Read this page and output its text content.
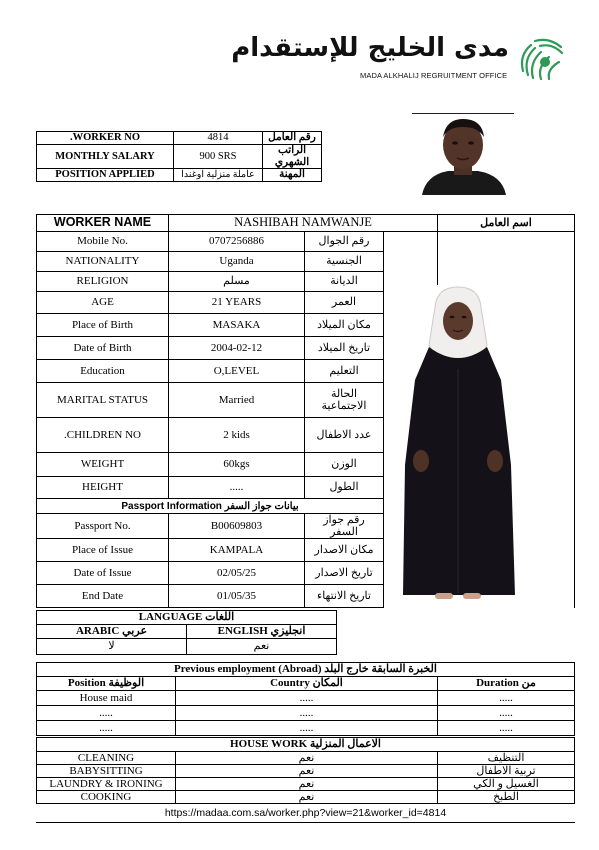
مدى الخليج للإستقدام
MADA ALKHALIJ REGRUITMENT OFFICE
.WORKER NO	4814	رقم العامل
MONTHLY SALARY	900 SRS	الراتب الشهري
POSITION APPLIED	عاملة منزلية اوغندا	المهنة
WORKER NAME	NASHIBAH NAMWANJE			اسم العامل
Mobile No.	0707256886	رقم الجوال		
NATIONALITY	Uganda	الجنسية		
RELIGION	مسلم	الديانة		
AGE	21 YEARS	العمر		
Place of Birth	MASAKA	مكان الميلاد		
Date of Birth	2004-02-12	تاريخ الميلاد		
Education	O,LEVEL	التعليم		
MARITAL STATUS	Married	الحالة الاجتماعية		
.CHILDREN NO	2 kids	عدد الاطفال		
WEIGHT	60kgs	الوزن		
HEIGHT	.....	الطول		
Passport Information بيانات جواز السفر				
Passport No.	B00609803	رقم جواز السفر		
Place of Issue	KAMPALA	مكان الاصدار		
Date of Issue	02/05/25	تاريخ الاصدار		
End Date	01/05/35	تاريخ الانتهاء		
LANGUAGE اللغات	
ARABIC عربي	ENGLISH انجليزي
لا	نعم
Previous employment (Abroad) الخبرة السابقة خارج البلد		
Position الوظيفة	Country المكان	Duration من
House maid	.....	.....
.....	.....	.....
.....	.....	.....
HOUSE WORK الاعمال المنزلية		
CLEANING	نعم	التنظيف
BABYSITTING	نعم	تربية الاطفال
LAUNDRY & IRONING	نعم	الغسيل و الكي
COOKING	نعم	الطبخ
https://madaa.com.sa/worker.php?view=21&worker_id=4814
